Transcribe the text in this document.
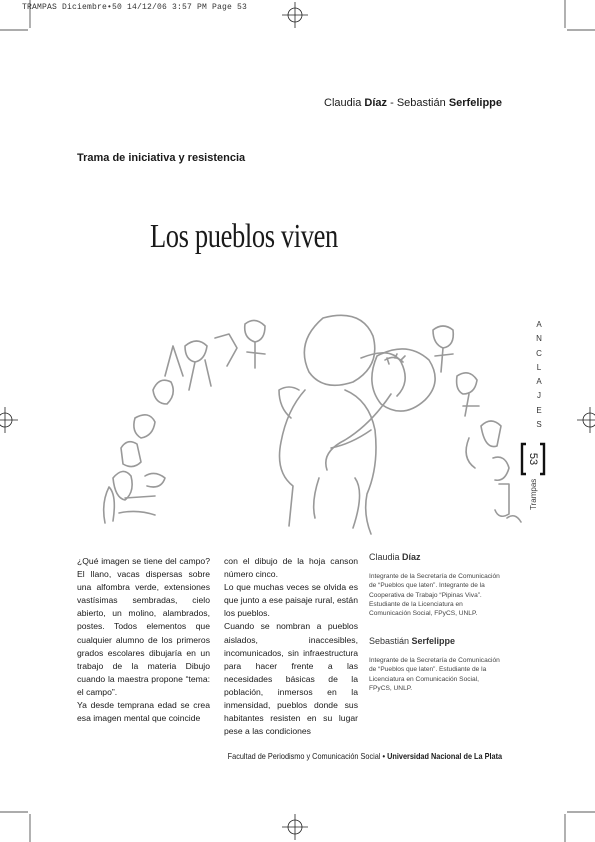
TRAMPAS Diciembre•50 14/12/06 3:57 PM Page 53
Claudia Díaz - Sebastián Serfelippe
Trama de iniciativa y resistencia
Los pueblos viven
A
N
C
L
A
J
E
S
53
Trampas

¿Qué imagen se tiene del campo? El llano, vacas dispersas sobre una alfombra verde, extensiones vastísimas sembradas, cielo abierto, un molino, alambrados, postes. Todos elementos que cualquier alumno de los primeros grados escolares dibujaría en un trabajo de la materia Dibujo cuando la maestra propone “tema: el campo”.

Ya desde temprana edad se crea esa imagen mental que coincide

con el dibujo de la hoja canson número cinco.

Lo que muchas veces se olvida es que junto a ese paisaje rural, están los pueblos.

Cuando se nombran a pueblos aislados, inaccesibles, incomunicados, sin infraestructura para hacer frente a las necesidades básicas de la población, inmersos en la inmensidad, pueblos donde sus habitantes resisten en su lugar pese a las condiciones

Claudia Díaz
Integrante de la Secretaría de Comunicación de “Pueblos que laten”. Integrante de la Cooperativa de Trabajo “Pipinas Viva”. Estudiante de la Licenciatura en Comunicación Social, FPyCS, UNLP.
Sebastián Serfelippe
Integrante de la Secretaría de Comunicación de “Pueblos que laten”. Estudiante de la Licenciatura en Comunicación Social, FPyCS, UNLP.
Facultad de Periodismo y Comunicación Social • Universidad Nacional de La Plata
